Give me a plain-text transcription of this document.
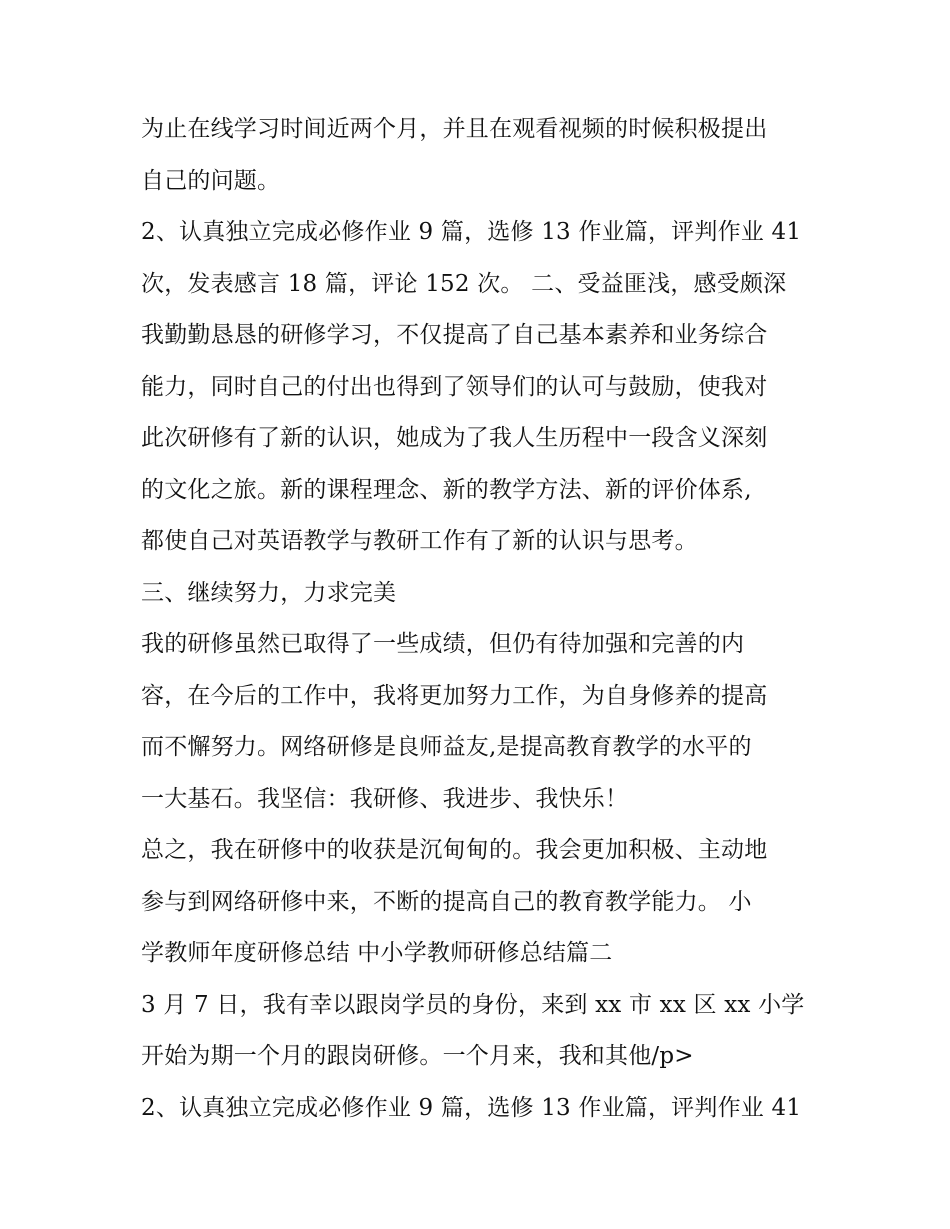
为止在线学习时间近两个月，并且在观看视频的时候积极提出
自己的问题。
2、认真独立完成必修作业 9 篇，选修 13 作业篇，评判作业 41
次，发表感言 18 篇，评论 152 次。 二、受益匪浅，感受颇深
我勤勤恳恳的研修学习，不仅提高了自己基本素养和业务综合
能力，同时自己的付出也得到了领导们的认可与鼓励，使我对
此次研修有了新的认识，她成为了我人生历程中一段含义深刻
的文化之旅。新的课程理念、新的教学方法、新的评价体系,
都使自己对英语教学与教研工作有了新的认识与思考。
三、继续努力，力求完美
我的研修虽然已取得了一些成绩，但仍有待加强和完善的内
容，在今后的工作中，我将更加努力工作，为自身修养的提高
而不懈努力。网络研修是良师益友,是提高教育教学的水平的
一大基石。我坚信：我研修、我进步、我快乐！
总之，我在研修中的收获是沉甸甸的。我会更加积极、主动地
参与到网络研修中来，不断的提高自己的教育教学能力。 小
学教师年度研修总结 中小学教师研修总结篇二
3 月 7 日，我有幸以跟岗学员的身份，来到 xx 市 xx 区 xx 小学
开始为期一个月的跟岗研修。一个月来，我和其他/p>
2、认真独立完成必修作业 9 篇，选修 13 作业篇，评判作业 41
